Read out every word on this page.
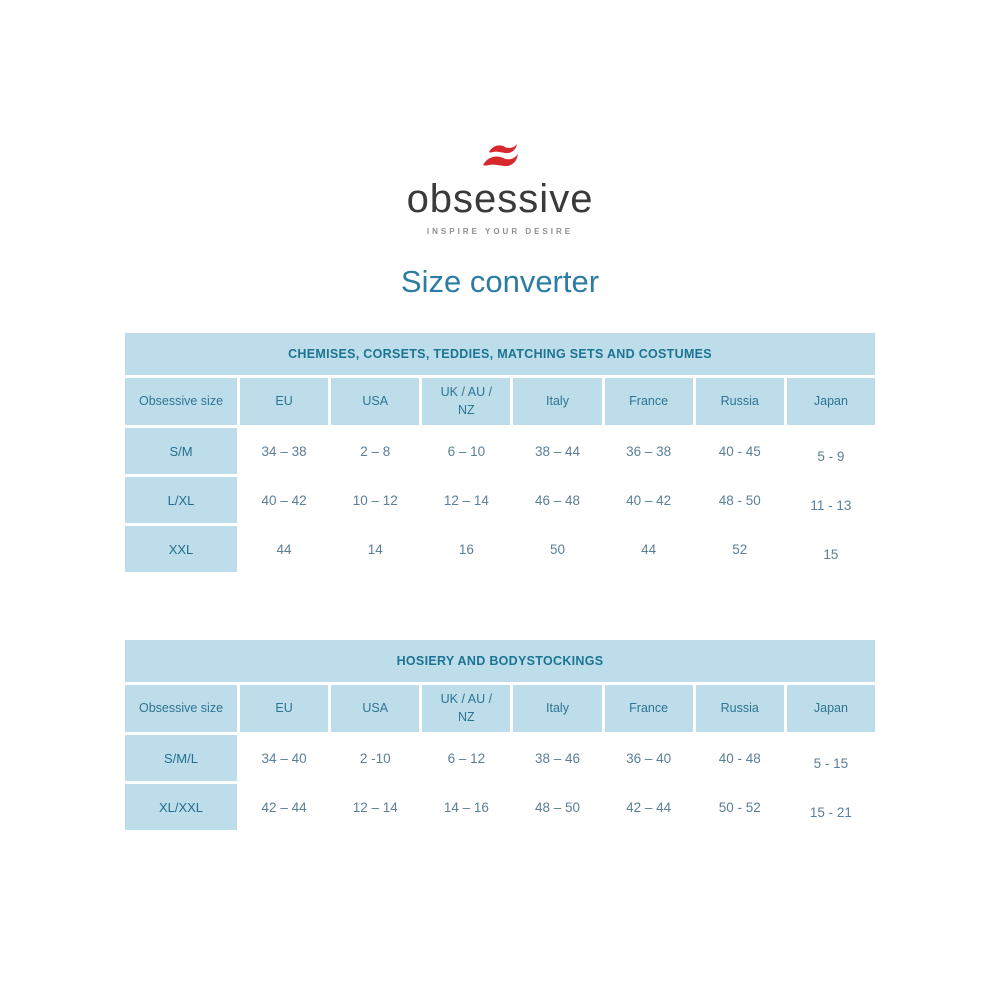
obsessive
INSPIRE YOUR DESIRE
Size converter
CHEMISES, CORSETS, TEDDIES, MATCHING SETS AND COSTUMES							
Obsessive size	EU	USA	UK / AU / NZ	Italy	France	Russia	Japan
S/M	34 – 38	2 – 8	6 – 10	38 – 44	36 – 38	40 - 45	5 - 9
L/XL	40 – 42	10 – 12	12 – 14	46 – 48	40 – 42	48 - 50	11 - 13
XXL	44	14	16	50	44	52	15
HOSIERY AND BODYSTOCKINGS							
Obsessive size	EU	USA	UK / AU / NZ	Italy	France	Russia	Japan
S/M/L	34 – 40	2 -10	6 – 12	38 – 46	36 – 40	40 - 48	5 - 15
XL/XXL	42 – 44	12 – 14	14 – 16	48 – 50	42 – 44	50 - 52	15 - 21
